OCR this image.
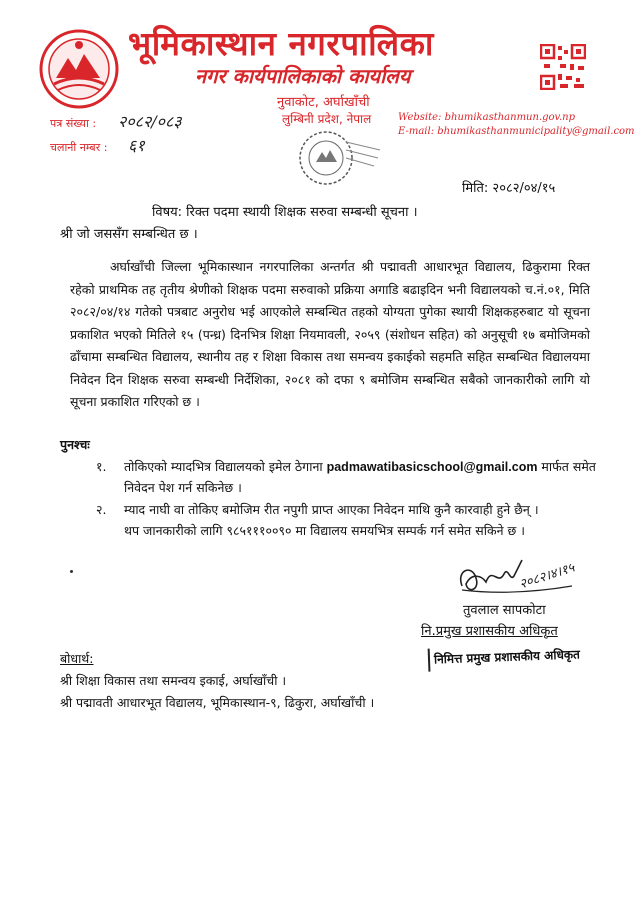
भूमिकास्थान नगरपालिका
नगर कार्यपालिकाको कार्यालय
नुवाकोट, अर्घाखाँची
लुम्बिनी प्रदेश, नेपाल	Website: bhumikasthanmun.gov.np
E-mail: bhumikasthanmunicipality@gmail.com
पत्र संख्या : २०८२/०८३
चलानी नम्बर : ६१
मिति: २०८२/०४/१५
विषय: रिक्त पदमा स्थायी शिक्षक सरुवा सम्बन्धी सूचना ।
श्री जो जससँग सम्बन्धित छ ।
अर्घाखाँची जिल्ला भूमिकास्थान नगरपालिका अन्तर्गत श्री पद्मावती आधारभूत विद्यालय, ढिकुरामा रिक्त रहेको प्राथमिक तह तृतीय श्रेणीको शिक्षक पदमा सरुवाको प्रक्रिया अगाडि बढाइदिन भनी विद्यालयको च.नं.०१, मिति २०८२/०४/१४ गतेको पत्रबाट अनुरोध भई आएकोले सम्बन्धित तहको योग्यता पुगेका स्थायी शिक्षकहरुबाट यो सूचना प्रकाशित भएको मितिले १५ (पन्ध्र) दिनभित्र शिक्षा नियमावली, २०५९ (संशोधन सहित) को अनुसूची १७ बमोजिमको ढाँचामा सम्बन्धित विद्यालय, स्थानीय तह र शिक्षा विकास तथा समन्वय इकाईको सहमति सहित सम्बन्धित विद्यालयमा निवेदन दिन शिक्षक सरुवा सम्बन्धी निर्देशिका, २०८१ को दफा ९ बमोजिम सम्बन्धित सबैको जानकारीको लागि यो सूचना प्रकाशित गरिएको छ ।
पुनश्चः
१. तोकिएको म्यादभित्र विद्यालयको इमेल ठेगाना padmawatibasicschool@gmail.com मार्फत समेत
निवेदन पेश गर्न सकिनेछ ।
२. म्याद नाघी वा तोकिए बमोजिम रीत नपुगी प्राप्त आएका निवेदन माथि कुनै कारवाही हुने छैन् ।
थप जानकारीको लागि ९८५१११००९० मा विद्यालय समयभित्र सम्पर्क गर्न समेत सकिने छ ।
२०८२।४।१५
तुवलाल सापकोटा
नि.प्रमुख प्रशासकीय अधिकृत
निमित्त प्रमुख प्रशासकीय अधिकृत
बोधार्थ:
श्री शिक्षा विकास तथा समन्वय इकाई, अर्घाखाँची ।
श्री पद्मावती आधारभूत विद्यालय, भूमिकास्थान-९, ढिकुरा, अर्घाखाँची ।
